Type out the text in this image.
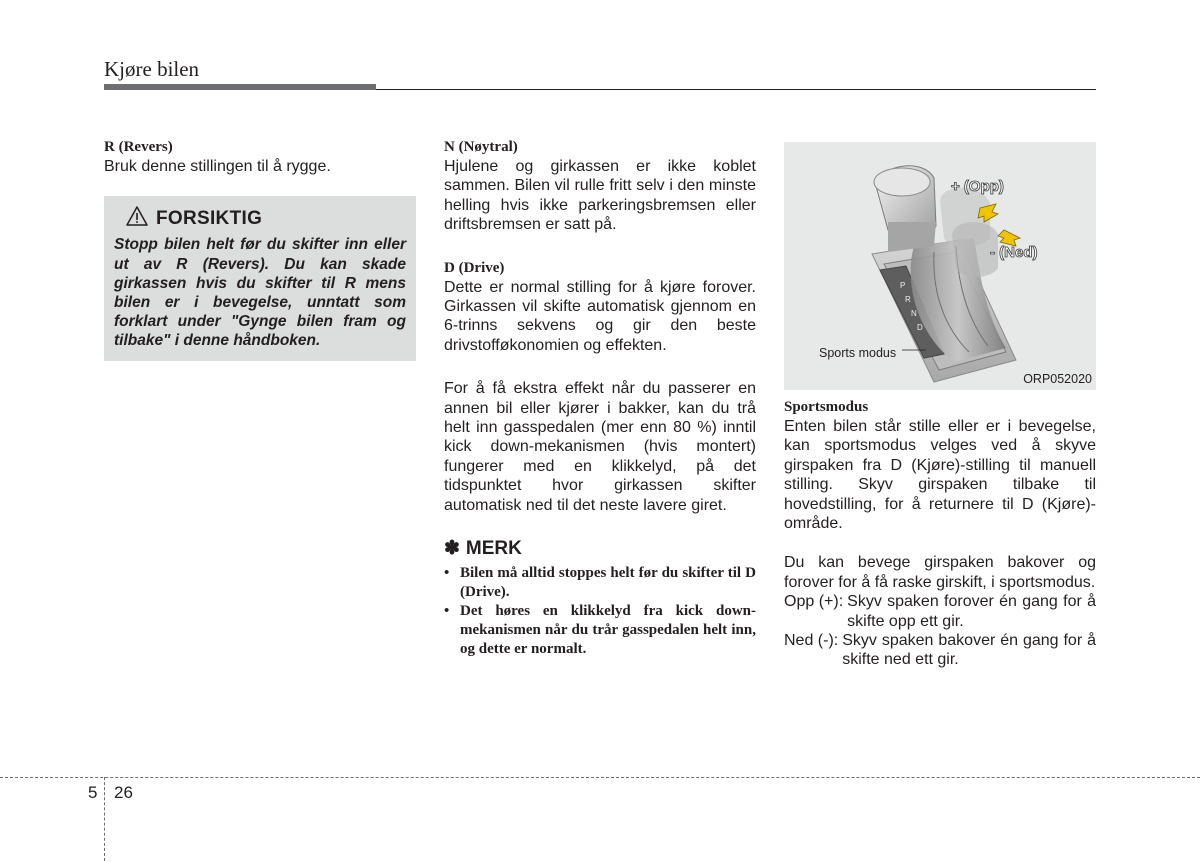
Kjøre bilen
R (Revers)

Bruk denne stillingen til å rygge.

FORSIKTIG
Stopp bilen helt før du skifter inn eller ut av R (Revers). Du kan skade girkassen hvis du skifter til R mens bilen er i bevegelse, unntatt som forklart under "Gynge bilen fram og tilbake" i denne håndboken.
N (Nøytral)

Hjulene og girkassen er ikke koblet sammen. Bilen vil rulle fritt selv i den minste helling hvis ikke parkeringsbremsen eller driftsbremsen er satt på.

D (Drive)

Dette er normal stilling for å kjøre forover. Girkassen vil skifte automatisk gjennom en 6-trinns sekvens og gir den beste drivstofføkonomien og effekten.

For å få ekstra effekt når du passerer en annen bil eller kjører i bakker, kan du trå helt inn gasspedalen (mer enn 80 %) inntil kick down-mekanismen (hvis montert) fungerer med en klikkelyd, på det tidspunktet hvor girkassen skifter automatisk ned til det neste lavere giret.

✽ MERK
• Bilen må alltid stoppes helt før du skifter til D (Drive).
• Det høres en klikkelyd fra kick down-mekanismen når du trår gasspedalen helt inn, og dette er normalt.
P
R
N
D
+ (Opp)
- (Ned)
Sports modus
ORP052020
Sportsmodus

Enten bilen står stille eller er i bevegelse, kan sportsmodus velges ved å skyve girspaken fra D (Kjøre)-stilling til manuell stilling. Skyv girspaken tilbake til hovedstilling, for å returnere til D (Kjøre)-område.

Du kan bevege girspaken bakover og forover for å få raske girskift, i sportsmodus.

Opp (+): Skyv spaken forover én gang for å skifte opp ett gir.
Ned (-): Skyv spaken bakover én gang for å skifte ned ett gir.
5 26
